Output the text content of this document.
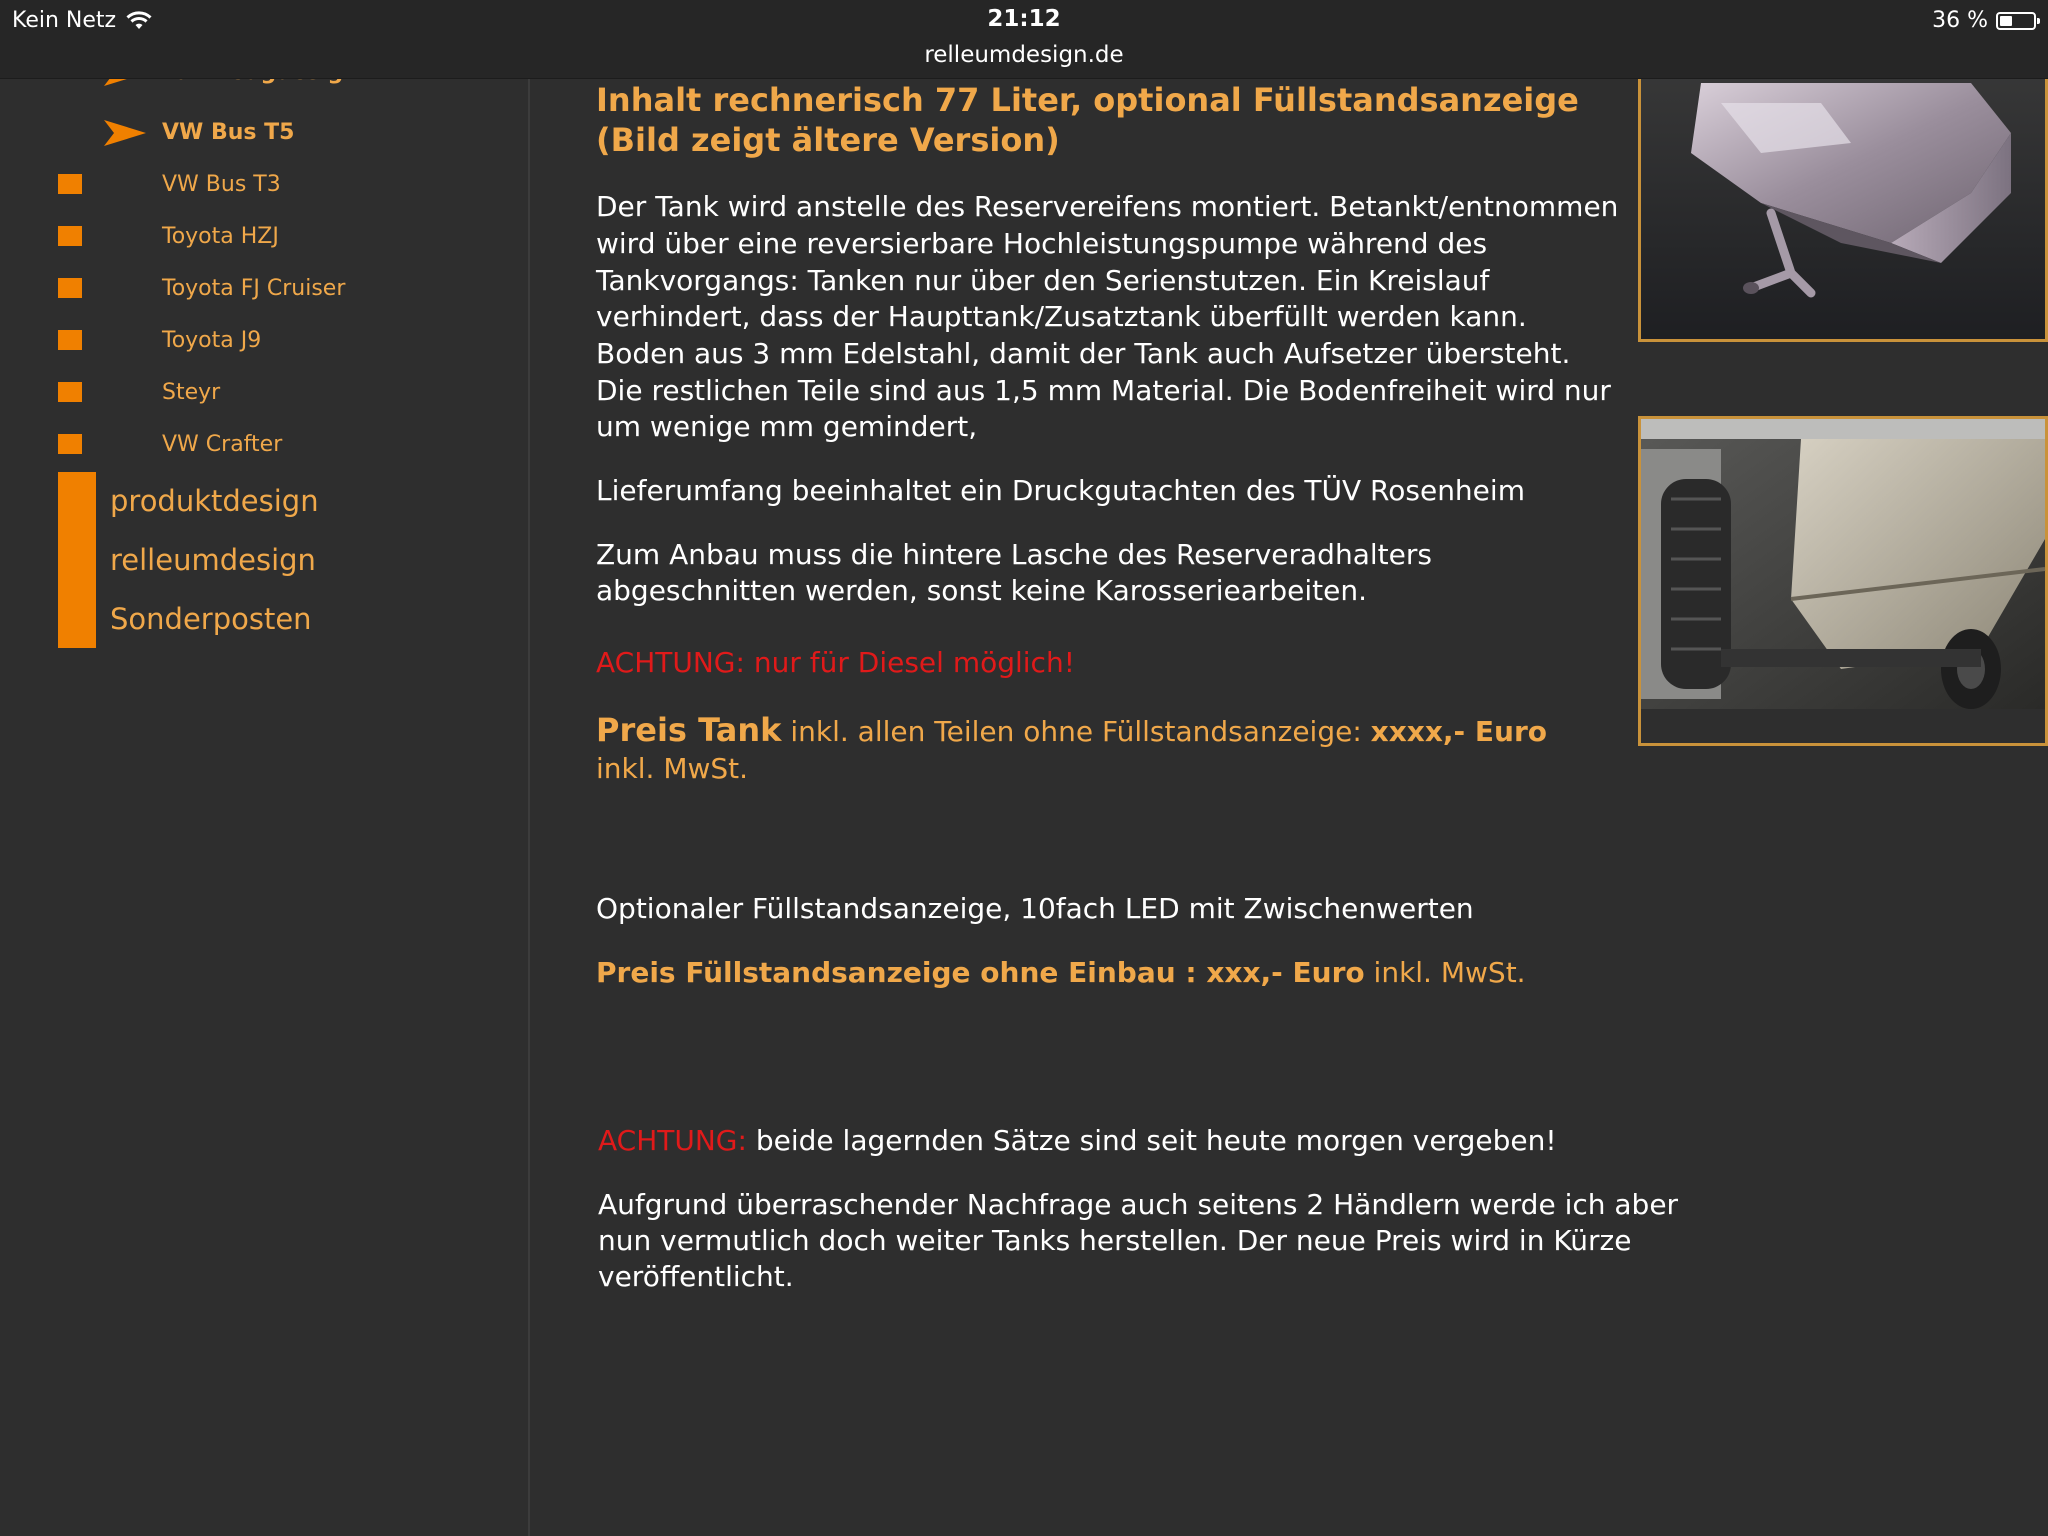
Kein Netz	21:12
relleumdesign.de
36 %
VW Bus T5
VW Bus T3
Toyota HZJ
Toyota FJ Cruiser
Toyota J9
Steyr
VW Crafter
produktdesign
relleumdesign
Sonderposten
Inhalt rechnerisch 77 Liter, optional Füllstandsanzeige
(Bild zeigt ältere Version)
Der Tank wird anstelle des Reservereifens montiert. Betankt/entnommen
wird über eine reversierbare Hochleistungspumpe während des
Tankvorgangs: Tanken nur über den Serienstutzen. Ein Kreislauf
verhindert, dass der Haupttank/Zusatztank überfüllt werden kann.
Boden aus 3 mm Edelstahl, damit der Tank auch Aufsetzer übersteht.
Die restlichen Teile sind aus 1,5 mm Material. Die Bodenfreiheit wird nur
um wenige mm gemindert,
Lieferumfang beeinhaltet ein Druckgutachten des TÜV Rosenheim
Zum Anbau muss die hintere Lasche des Reserveradhalters
abgeschnitten werden, sonst keine Karosseriearbeiten.
ACHTUNG: nur für Diesel möglich!
Preis Tank inkl. allen Teilen ohne Füllstandsanzeige: xxxx,- Euro
inkl. MwSt.
Optionaler Füllstandsanzeige, 10fach LED mit Zwischenwerten
Preis Füllstandsanzeige ohne Einbau : xxx,- Euro inkl. MwSt.
ACHTUNG: beide lagernden Sätze sind seit heute morgen vergeben!
Aufgrund überraschender Nachfrage auch seitens 2 Händlern werde ich aber
nun vermutlich doch weiter Tanks herstellen. Der neue Preis wird in Kürze
veröffentlicht.
